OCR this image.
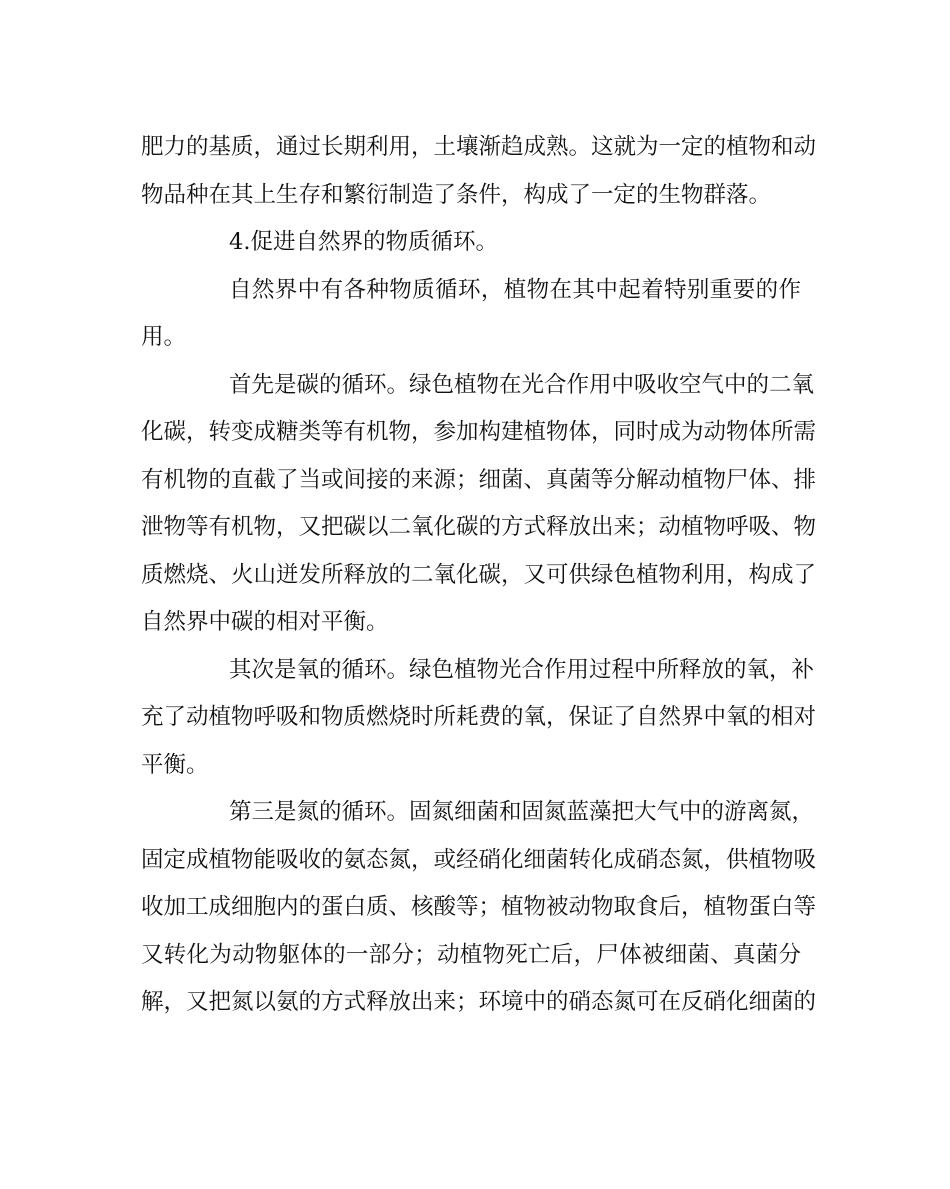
肥力的基质，通过长期利用，土壤渐趋成熟。这就为一定的植物和动
物品种在其上生存和繁衍制造了条件，构成了一定的生物群落。
4.促进自然界的物质循环。
自然界中有各种物质循环，植物在其中起着特别重要的作
用。
首先是碳的循环。绿色植物在光合作用中吸收空气中的二氧
化碳，转变成糖类等有机物，参加构建植物体，同时成为动物体所需
有机物的直截了当或间接的来源；细菌、真菌等分解动植物尸体、排
泄物等有机物，又把碳以二氧化碳的方式释放出来；动植物呼吸、物
质燃烧、火山迸发所释放的二氧化碳，又可供绿色植物利用，构成了
自然界中碳的相对平衡。
其次是氧的循环。绿色植物光合作用过程中所释放的氧，补
充了动植物呼吸和物质燃烧时所耗费的氧，保证了自然界中氧的相对
平衡。
第三是氮的循环。固氮细菌和固氮蓝藻把大气中的游离氮，
固定成植物能吸收的氨态氮，或经硝化细菌转化成硝态氮，供植物吸
收加工成细胞内的蛋白质、核酸等；植物被动物取食后，植物蛋白等
又转化为动物躯体的一部分；动植物死亡后，尸体被细菌、真菌分
解，又把氮以氨的方式释放出来；环境中的硝态氮可在反硝化细菌的
